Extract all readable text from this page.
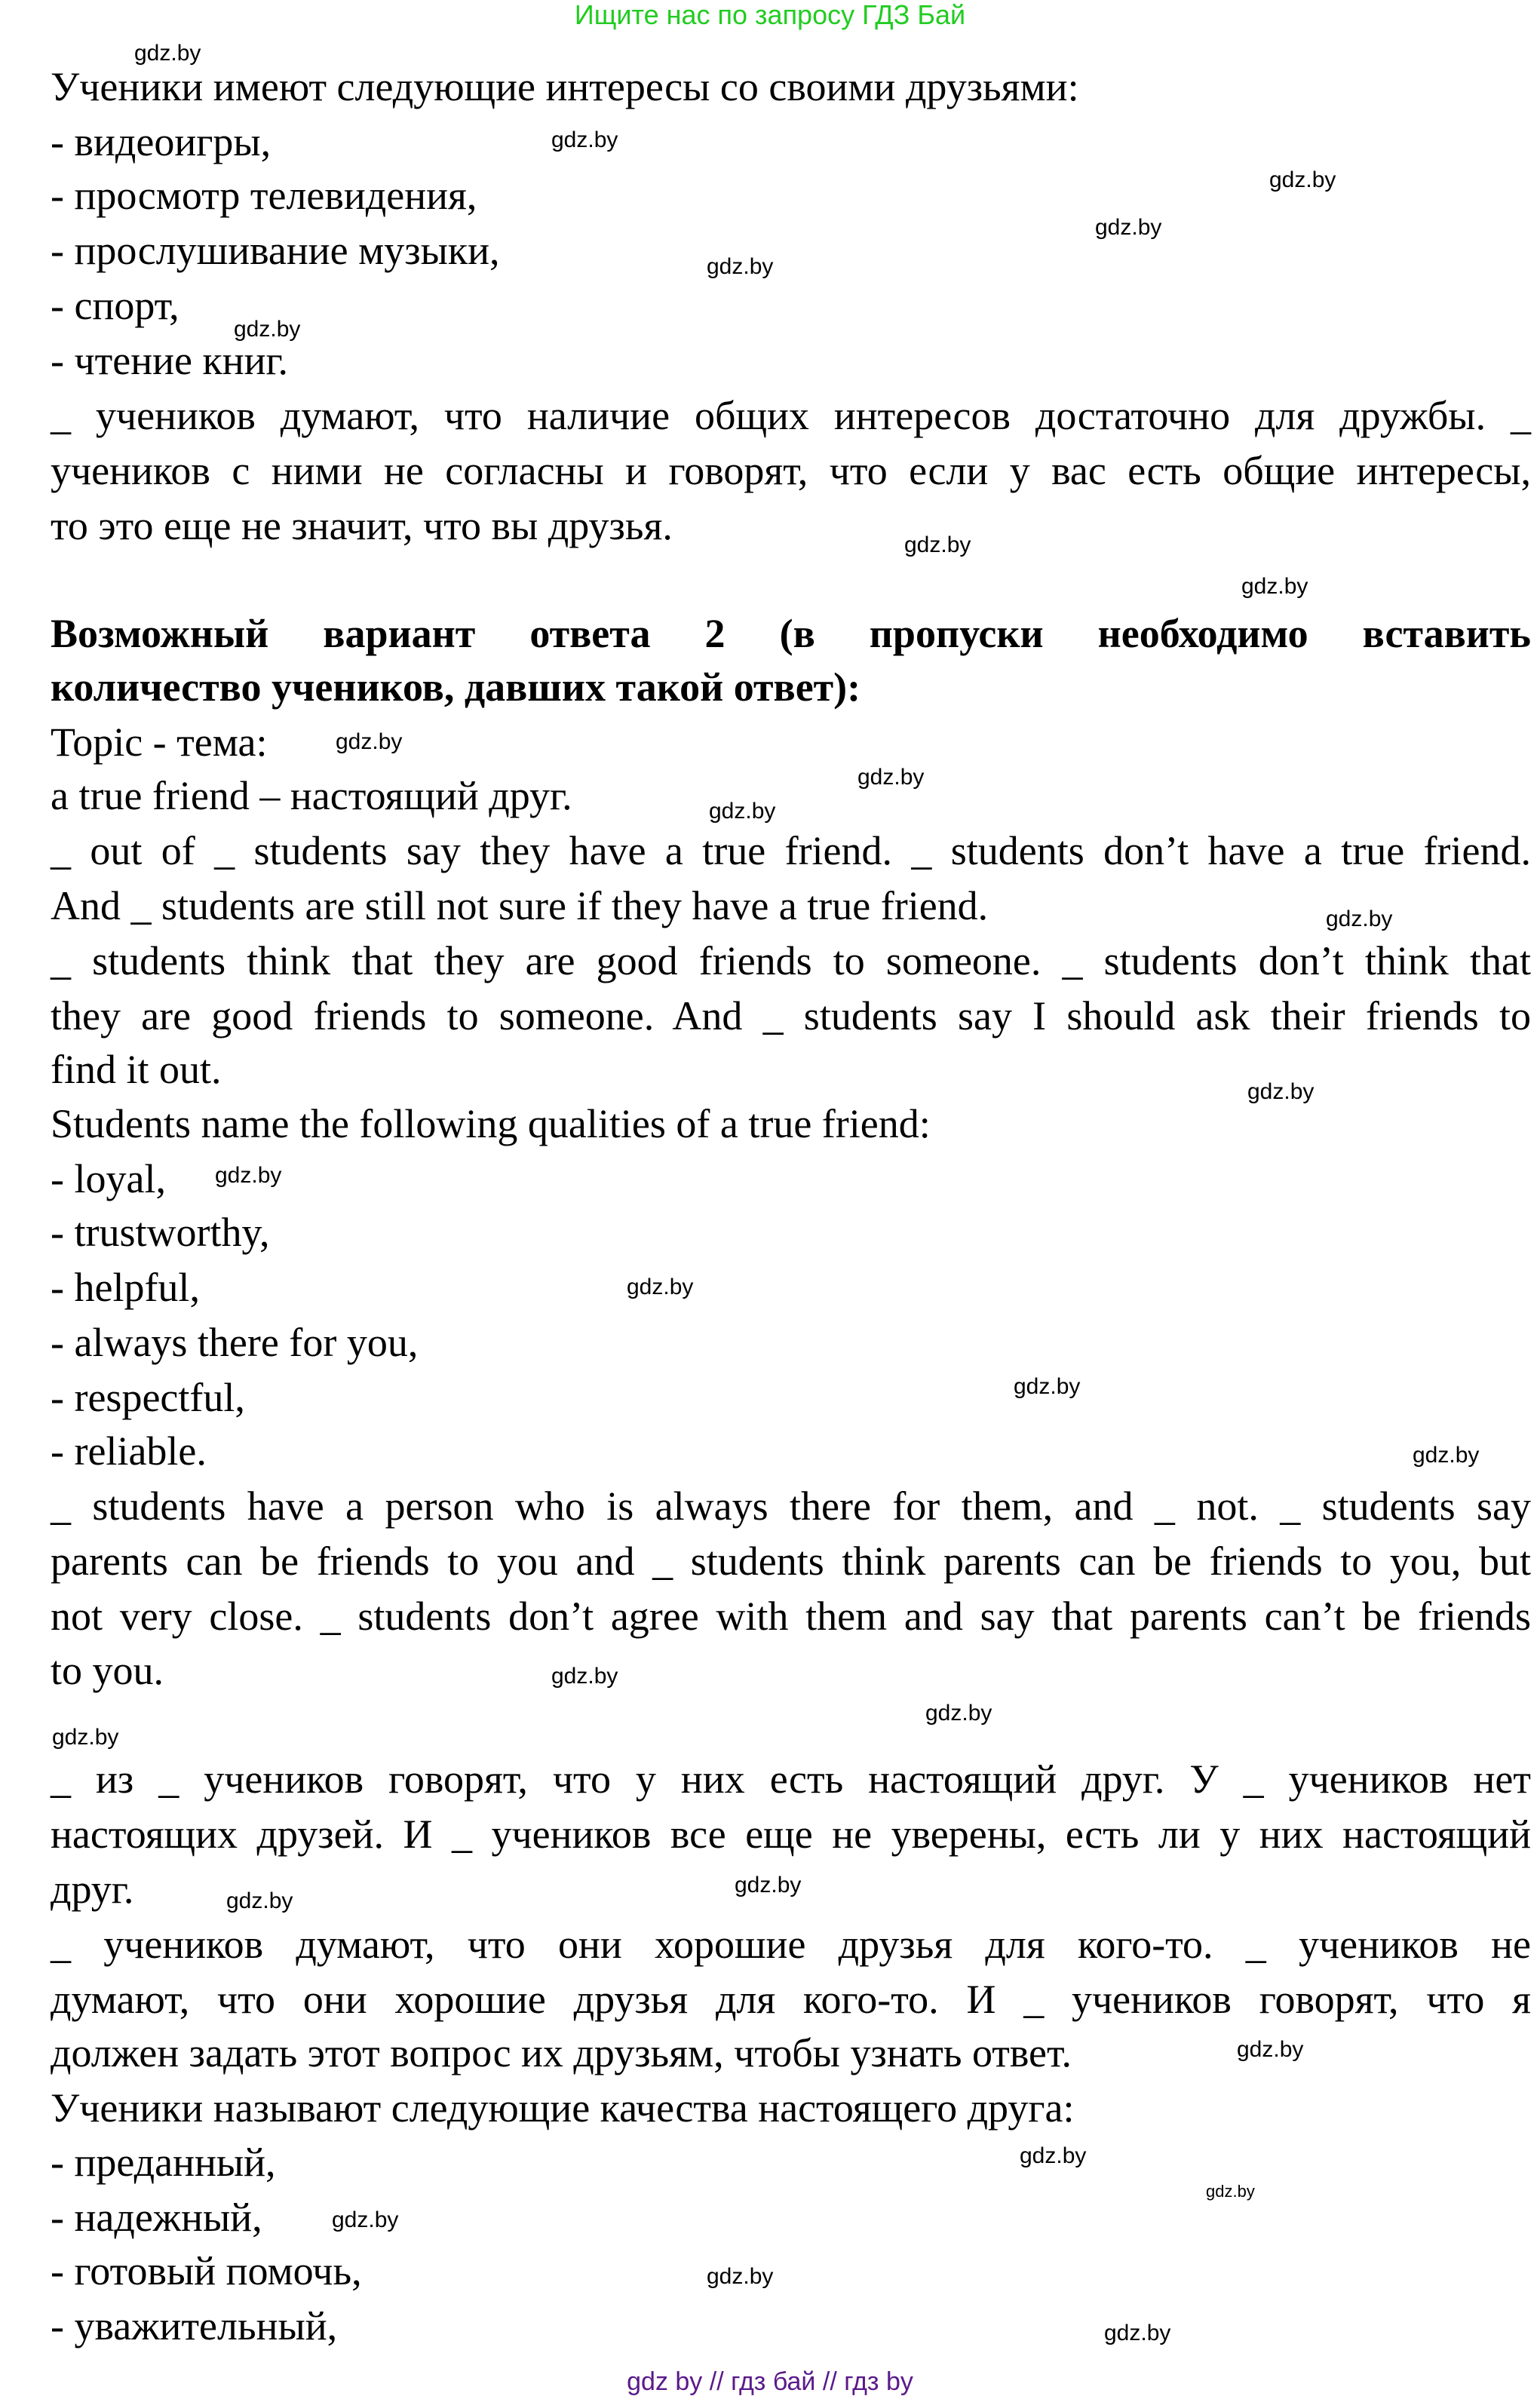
Ищите нас по запросу ГДЗ Бай
Ученики имеют следующие интересы со своими друзьями:
- видеоигры,
- просмотр телевидения,
- прослушивание музыки,
- спорт,
- чтение книг.
_ учеников думают, что наличие общих интересов достаточно для дружбы. _
учеников с ними не согласны и говорят, что если у вас есть общие интересы,
то это еще не значит, что вы друзья.
Возможный вариант ответа 2 (в пропуски необходимо вставить
количество учеников, давших такой ответ):
Topic - тема:
a true friend – настоящий друг.
_ out of _ students say they have a true friend. _ students don’t have a true friend.
And _ students are still not sure if they have a true friend.
_ students think that they are good friends to someone. _ students don’t think that
they are good friends to someone. And _ students say I should ask their friends to
find it out.
Students name the following qualities of a true friend:
- loyal,
- trustworthy,
- helpful,
- always there for you,
- respectful,
- reliable.
_ students have a person who is always there for them, and _ not. _ students say
parents can be friends to you and _ students think parents can be friends to you, but
not very close. _ students don’t agree with them and say that parents can’t be friends
to you.
_ из _ учеников говорят, что у них есть настоящий друг. У _ учеников нет
настоящих друзей. И _ учеников все еще не уверены, есть ли у них настоящий
друг.
_ учеников думают, что они хорошие друзья для кого-то. _ учеников не
думают, что они хорошие друзья для кого-то. И _ учеников говорят, что я
должен задать этот вопрос их друзьям, чтобы узнать ответ.
Ученики называют следующие качества настоящего друга:
- преданный,
- надежный,
- готовый помочь,
- уважительный,
gdz.by
gdz.by
gdz.by
gdz.by
gdz.by
gdz.by
gdz.by
gdz.by
gdz.by
gdz.by
gdz.by
gdz.by
gdz.by
gdz.by
gdz.by
gdz.by
gdz.by
gdz.by
gdz.by
gdz.by
gdz.by
gdz.by
gdz.by
gdz.by
gdz.by
gdz.by
gdz.by
gdz.by
gdz by // гдз бай // гдз by
